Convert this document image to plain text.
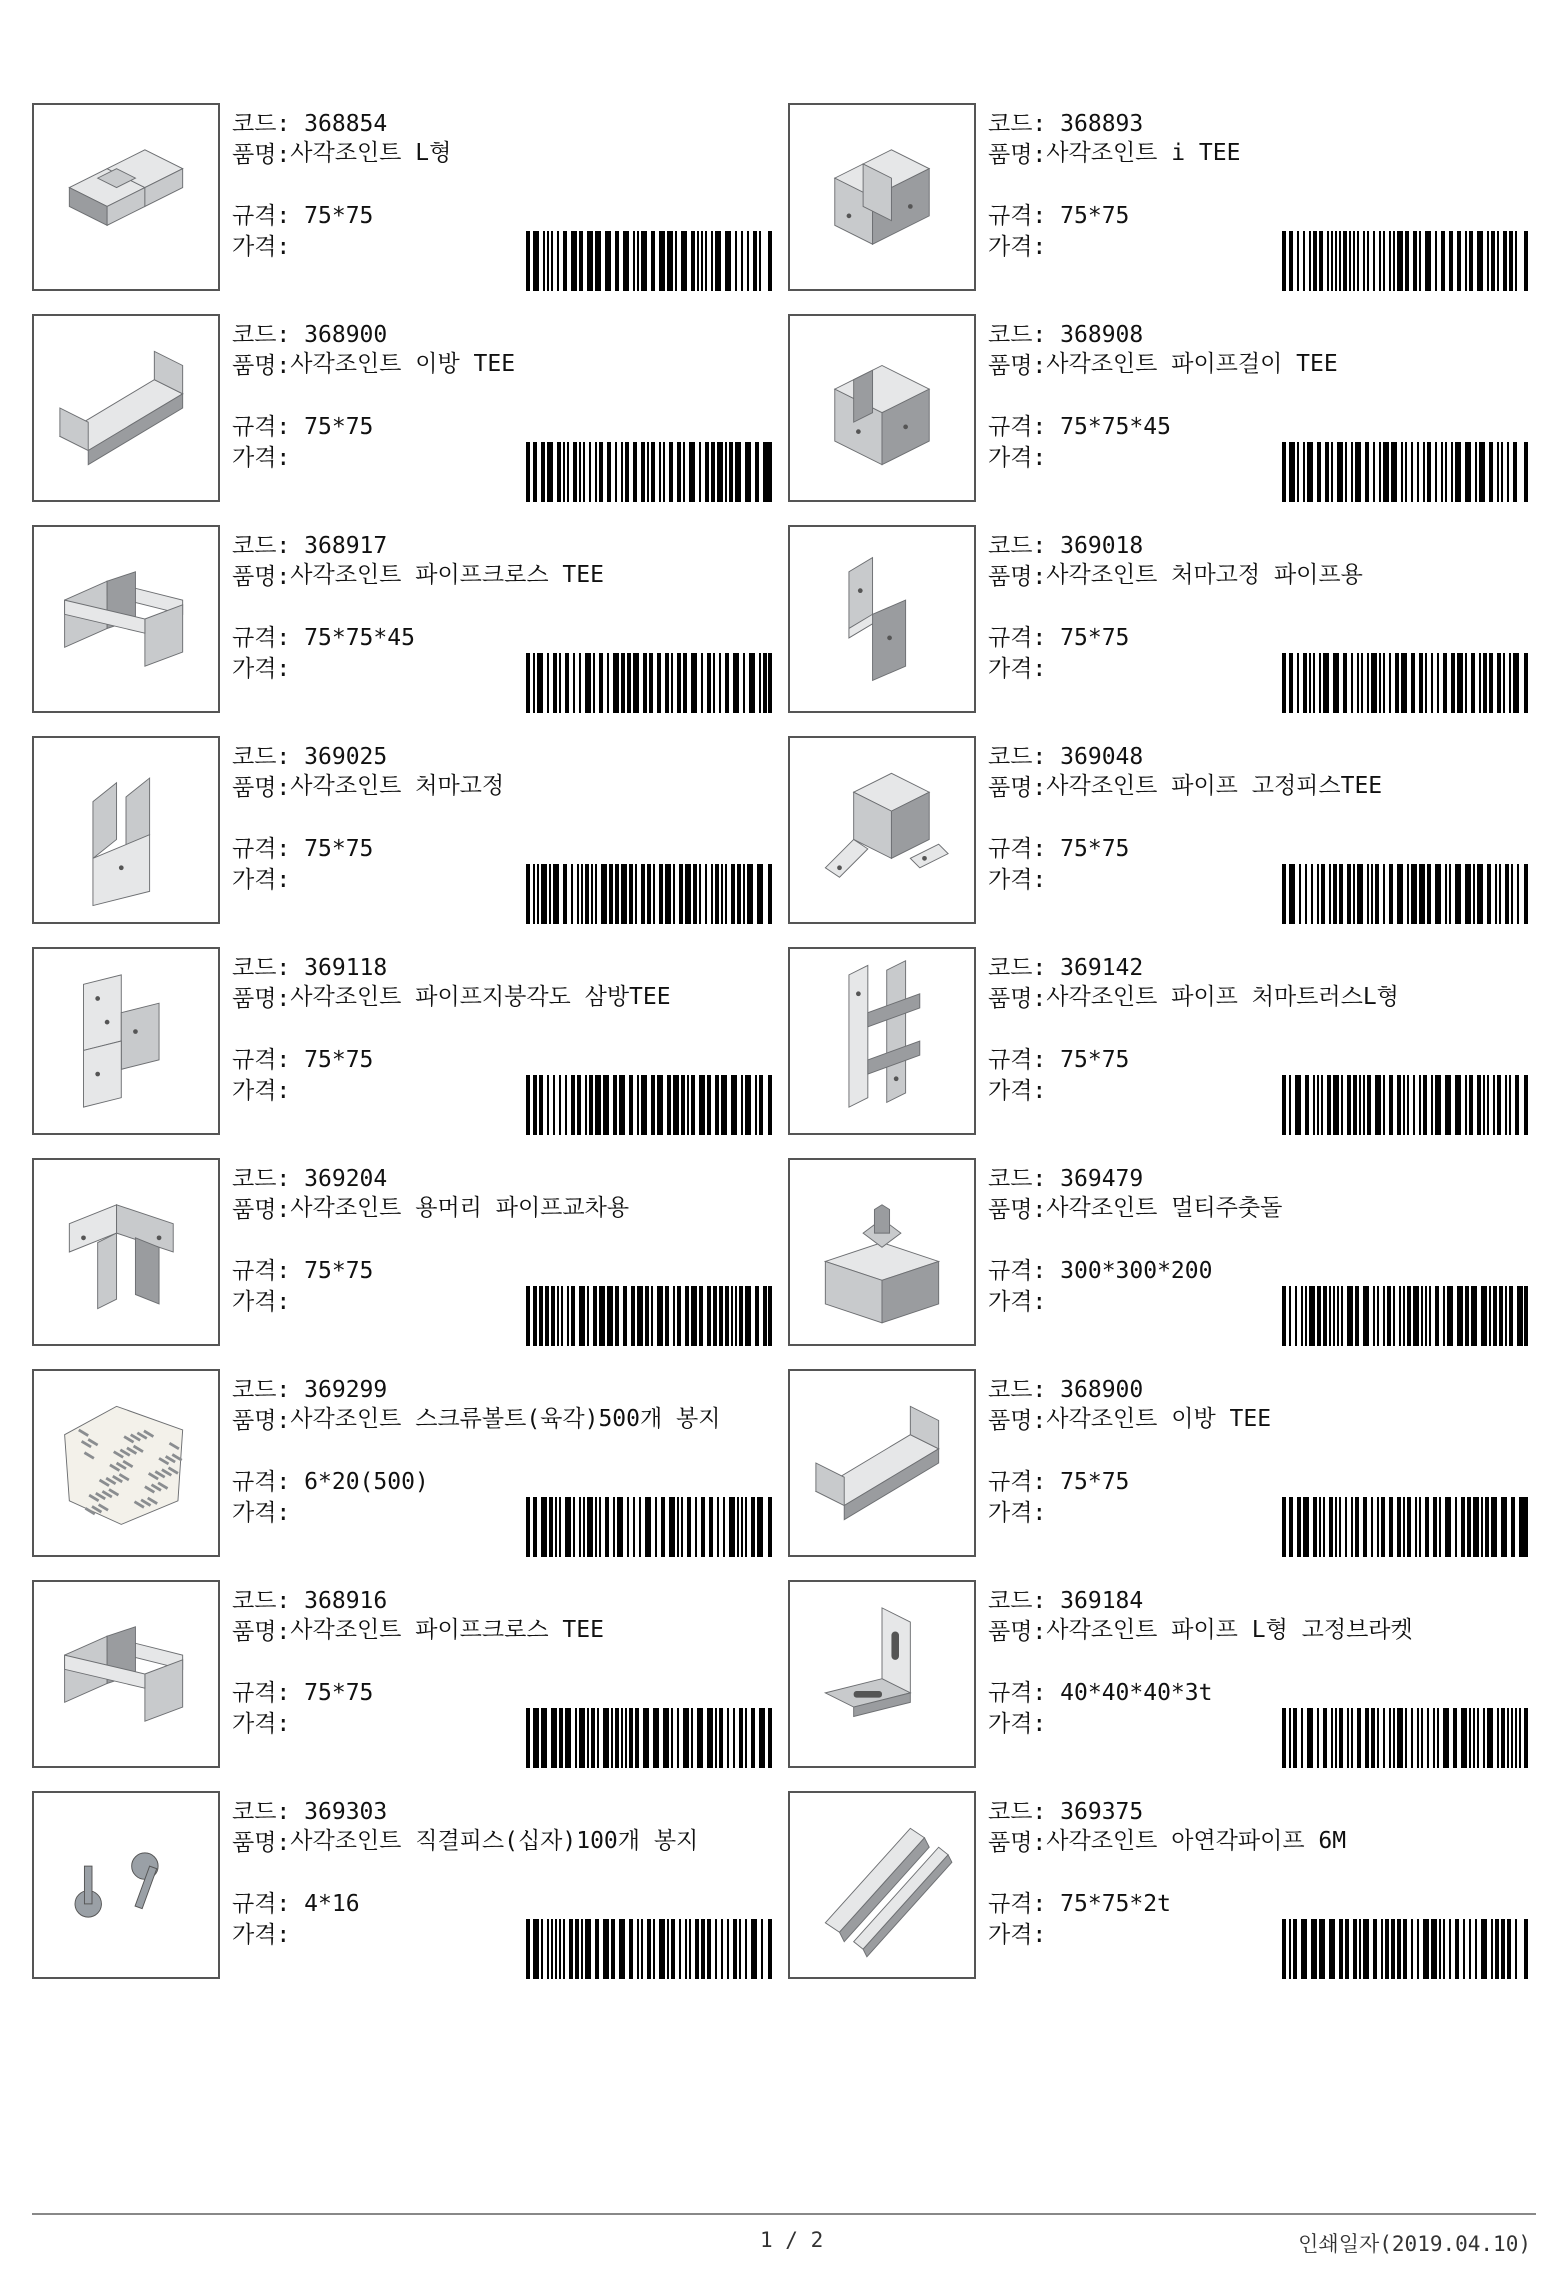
코드: 368854
품명: 사각조인트 L형
규격: 75*75
가격:
코드: 368893
품명: 사각조인트 i TEE
규격: 75*75
가격:
코드: 368900
품명: 사각조인트 이방 TEE
규격: 75*75
가격:
코드: 368908
품명: 사각조인트 파이프걸이 TEE
규격: 75*75*45
가격:
코드: 368917
품명: 사각조인트 파이프크로스 TEE
규격: 75*75*45
가격:
코드: 369018
품명: 사각조인트 처마고정 파이프용
규격: 75*75
가격:
코드: 369025
품명: 사각조인트 처마고정
규격: 75*75
가격:
코드: 369048
품명: 사각조인트 파이프 고정피스TEE
규격: 75*75
가격:
코드: 369118
품명: 사각조인트 파이프지붕각도 삼방TEE
규격: 75*75
가격:
코드: 369142
품명: 사각조인트 파이프 처마트러스L형
규격: 75*75
가격:
코드: 369204
품명: 사각조인트 용머리 파이프교차용
규격: 75*75
가격:
코드: 369479
품명: 사각조인트 멀티주춧돌
규격: 300*300*200
가격:
코드: 369299
품명: 사각조인트 스크류볼트(육각)500개 봉지
규격: 6*20(500)
가격:
코드: 368900
품명: 사각조인트 이방 TEE
규격: 75*75
가격:
코드: 368916
품명: 사각조인트 파이프크로스 TEE
규격: 75*75
가격:
코드: 369184
품명: 사각조인트 파이프 L형 고정브라켓
규격: 40*40*40*3t
가격:
코드: 369303
품명: 사각조인트 직결피스(십자)100개 봉지
규격: 4*16
가격:
코드: 369375
품명: 사각조인트 아연각파이프 6M
규격: 75*75*2t
가격:
1 / 2	인쇄일자(2019.04.10)
